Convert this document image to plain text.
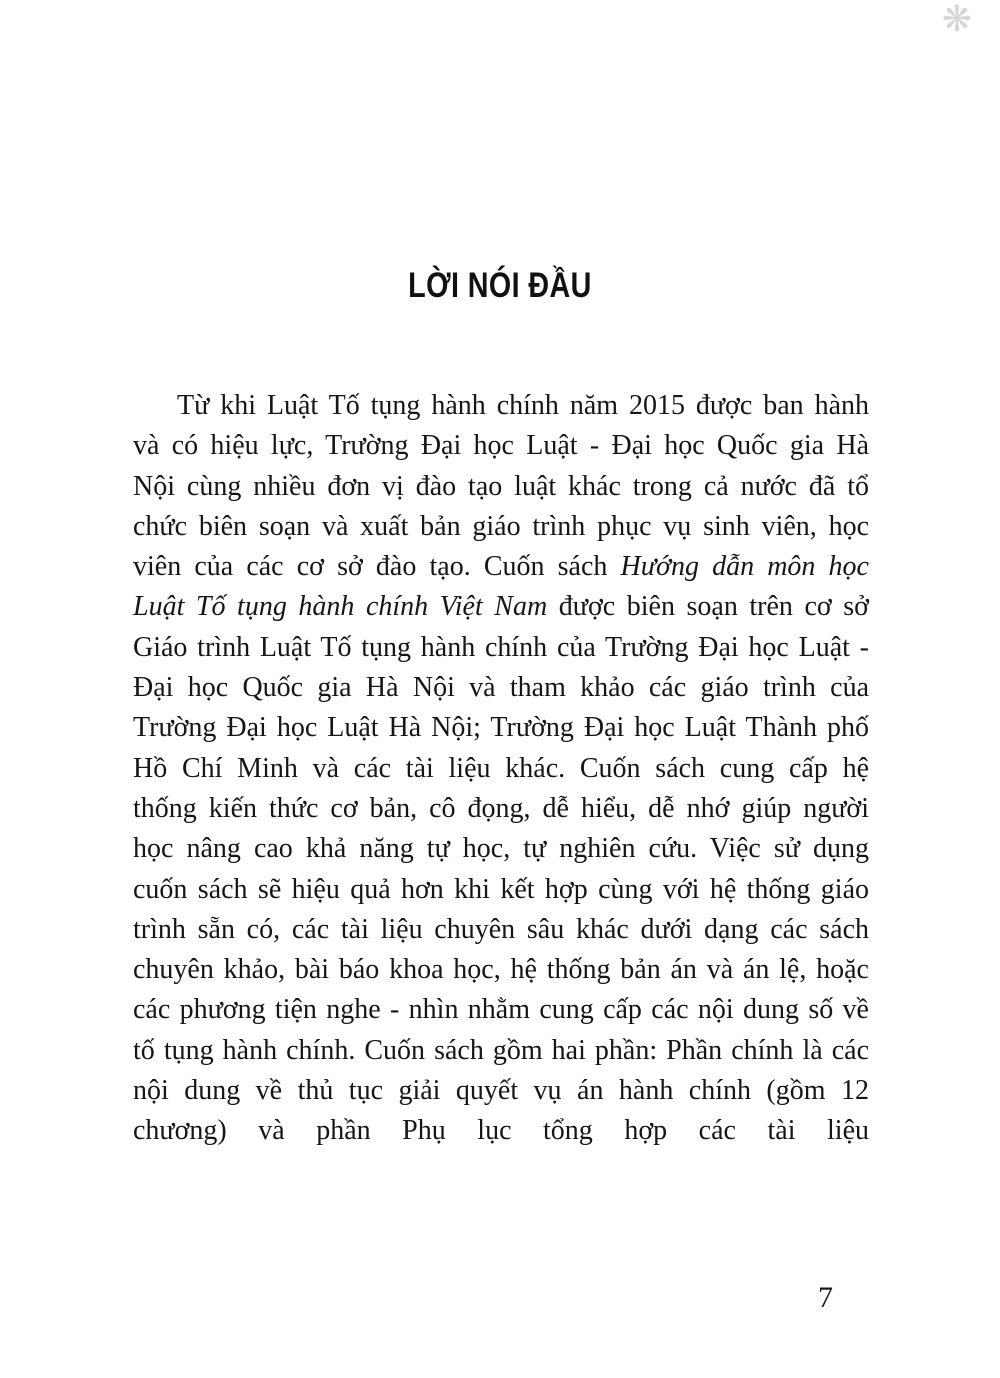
❋
LỜI NÓI ĐẦU

Từ khi Luật Tố tụng hành chính năm 2015 được ban hành và có hiệu lực, Trường Đại học Luật - Đại học Quốc gia Hà Nội cùng nhiều đơn vị đào tạo luật khác trong cả nước đã tổ chức biên soạn và xuất bản giáo trình phục vụ sinh viên, học viên của các cơ sở đào tạo. Cuốn sách Hướng dẫn môn học Luật Tố tụng hành chính Việt Nam được biên soạn trên cơ sở Giáo trình Luật Tố tụng hành chính của Trường Đại học Luật - Đại học Quốc gia Hà Nội và tham khảo các giáo trình của Trường Đại học Luật Hà Nội; Trường Đại học Luật Thành phố Hồ Chí Minh và các tài liệu khác. Cuốn sách cung cấp hệ thống kiến thức cơ bản, cô đọng, dễ hiểu, dễ nhớ giúp người học nâng cao khả năng tự học, tự nghiên cứu. Việc sử dụng cuốn sách sẽ hiệu quả hơn khi kết hợp cùng với hệ thống giáo trình sẵn có, các tài liệu chuyên sâu khác dưới dạng các sách chuyên khảo, bài báo khoa học, hệ thống bản án và án lệ, hoặc các phương tiện nghe - nhìn nhằm cung cấp các nội dung số về tố tụng hành chính. Cuốn sách gồm hai phần: Phần chính là các nội dung về thủ tục giải quyết vụ án hành chính (gồm 12 chương) và phần Phụ lục tổng hợp các tài liệu

7
